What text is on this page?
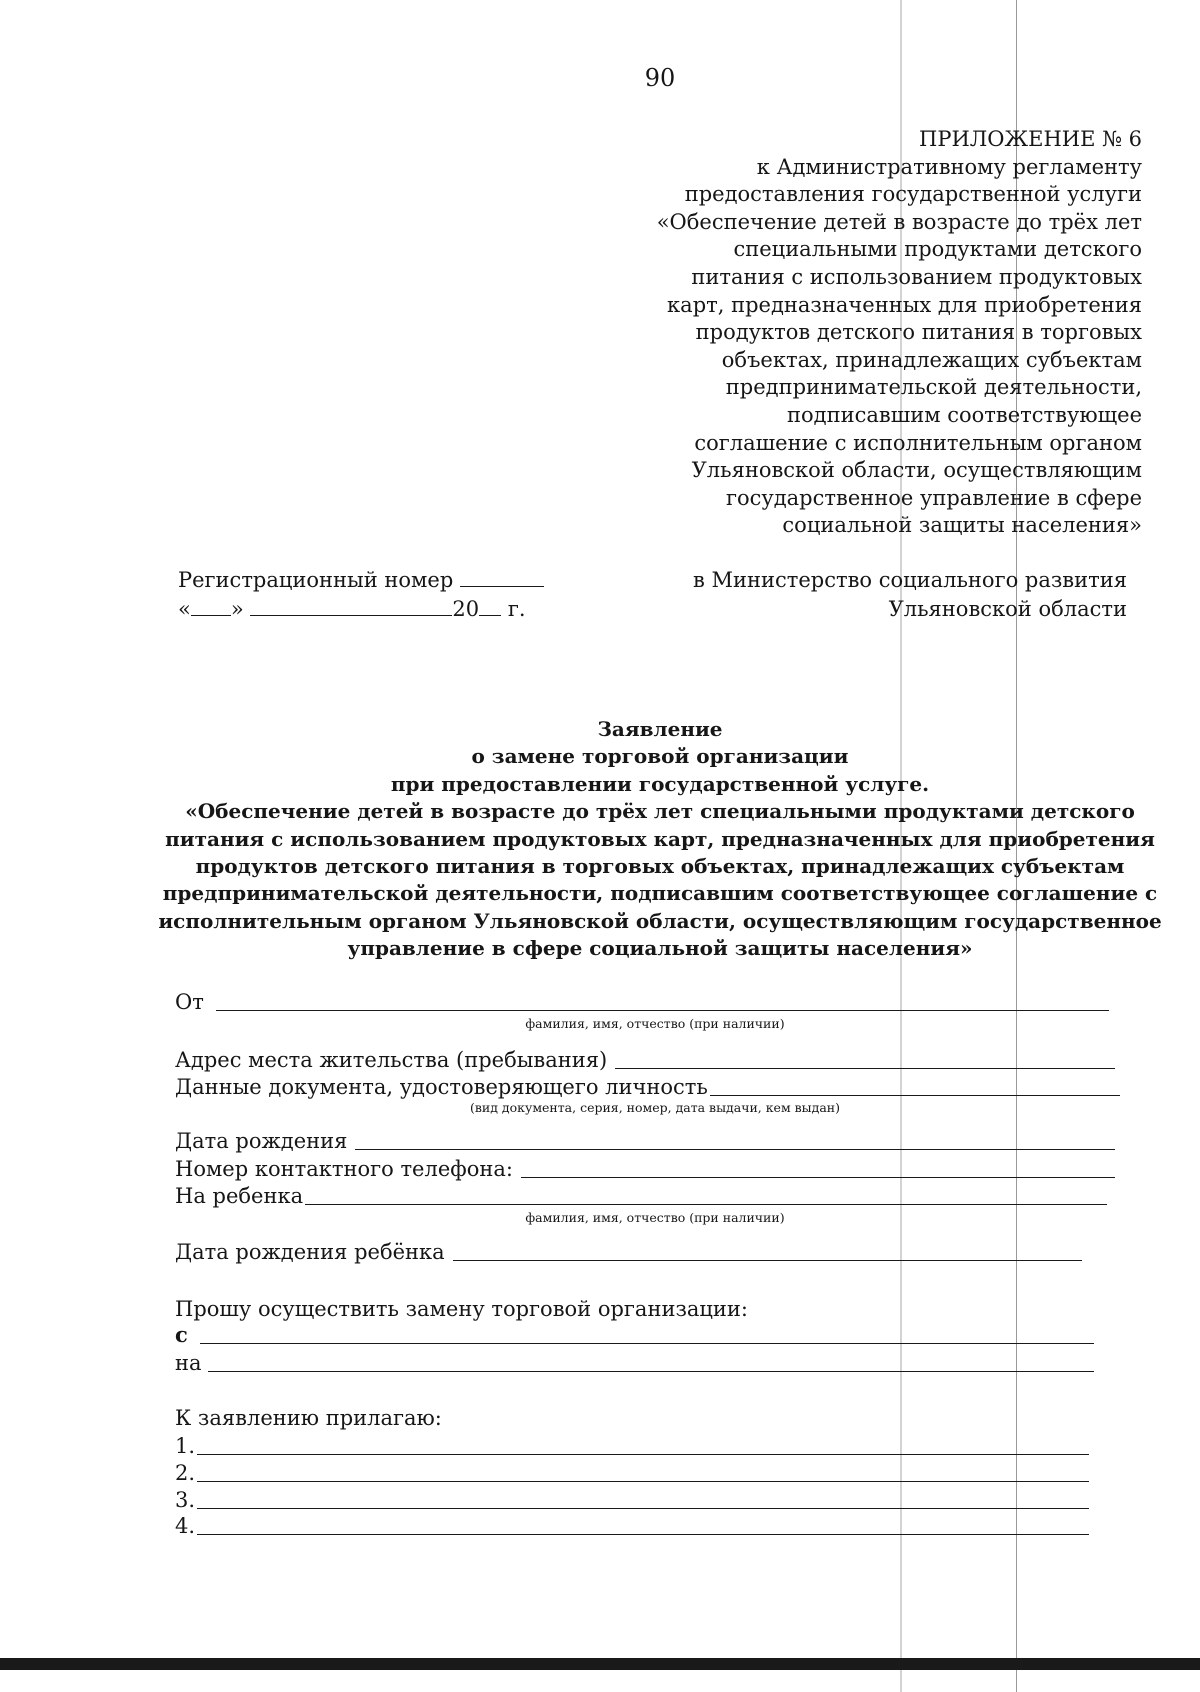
90
ПРИЛОЖЕНИЕ № 6
к Административному регламенту
предоставления государственной услуги
«Обеспечение детей в возрасте до трёх лет
специальными продуктами детского
питания с использованием продуктовых
карт, предназначенных для приобретения
продуктов детского питания в торговых
объектах, принадлежащих субъектам
предпринимательской деятельности,
подписавшим соответствующее
соглашение с исполнительным органом
Ульяновской области, осуществляющим
государственное управление в сфере
социальной защиты населения»
Регистрационный номер
« »	20 г.
в Министерство социального развития
Ульяновской области
Заявление
о замене торговой организации
при предоставлении государственной услуге.
«Обеспечение детей в возрасте до трёх лет специальными продуктами детского
питания с использованием продуктовых карт, предназначенных для приобретения
продуктов детского питания в торговых объектах, принадлежащих субъектам
предпринимательской деятельности, подписавшим соответствующее соглашение с
исполнительным органом Ульяновской области, осуществляющим государственное
управление в сфере социальной защиты населения»
От
фамилия, имя, отчество (при наличии)
Адрес места жительства (пребывания)
Данные документа, удостоверяющего личность
(вид документа, серия, номер, дата выдачи, кем выдан)
Дата рождения
Номер контактного телефона:
На ребенка
фамилия, имя, отчество (при наличии)
Дата рождения ребёнка
Прошу осуществить замену торговой организации:
с
на
К заявлению прилагаю:
1.
2.
3.
4.
